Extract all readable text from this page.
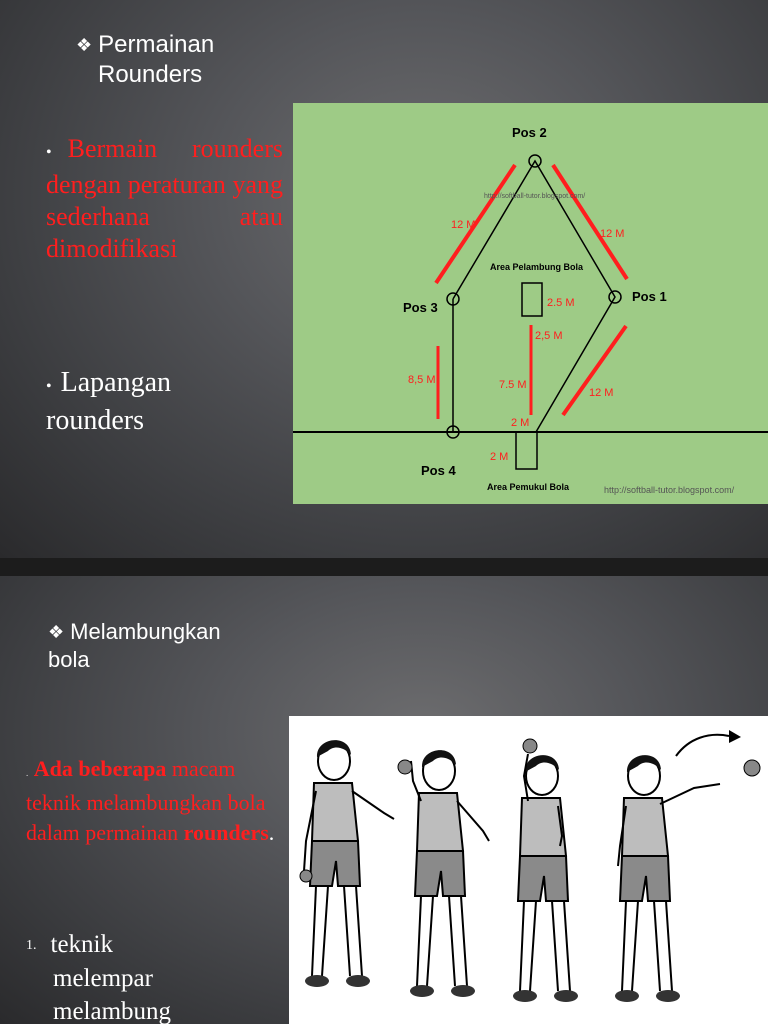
❖ Permainan
Rounders
• Bermain rounders dengan peraturan yang sederhana atau dimodifikasi
• Lapangan
rounders
Pos 2
Pos 1
Pos 3
Pos 4
Area Pelambung Bola
Area Pemukul Bola
http://softball-tutor.blogspot.com/
http://softball-tutor.blogspot.com/
12 M
12 M
2.5 M
2,5 M
8,5 M	7.5 M
12 M
2 M
2 M
❖ Melambungkan
bola
. Ada beberapa macam teknik melambungkan bola dalam permainan rounders.
1. teknik
melempar
melambung
